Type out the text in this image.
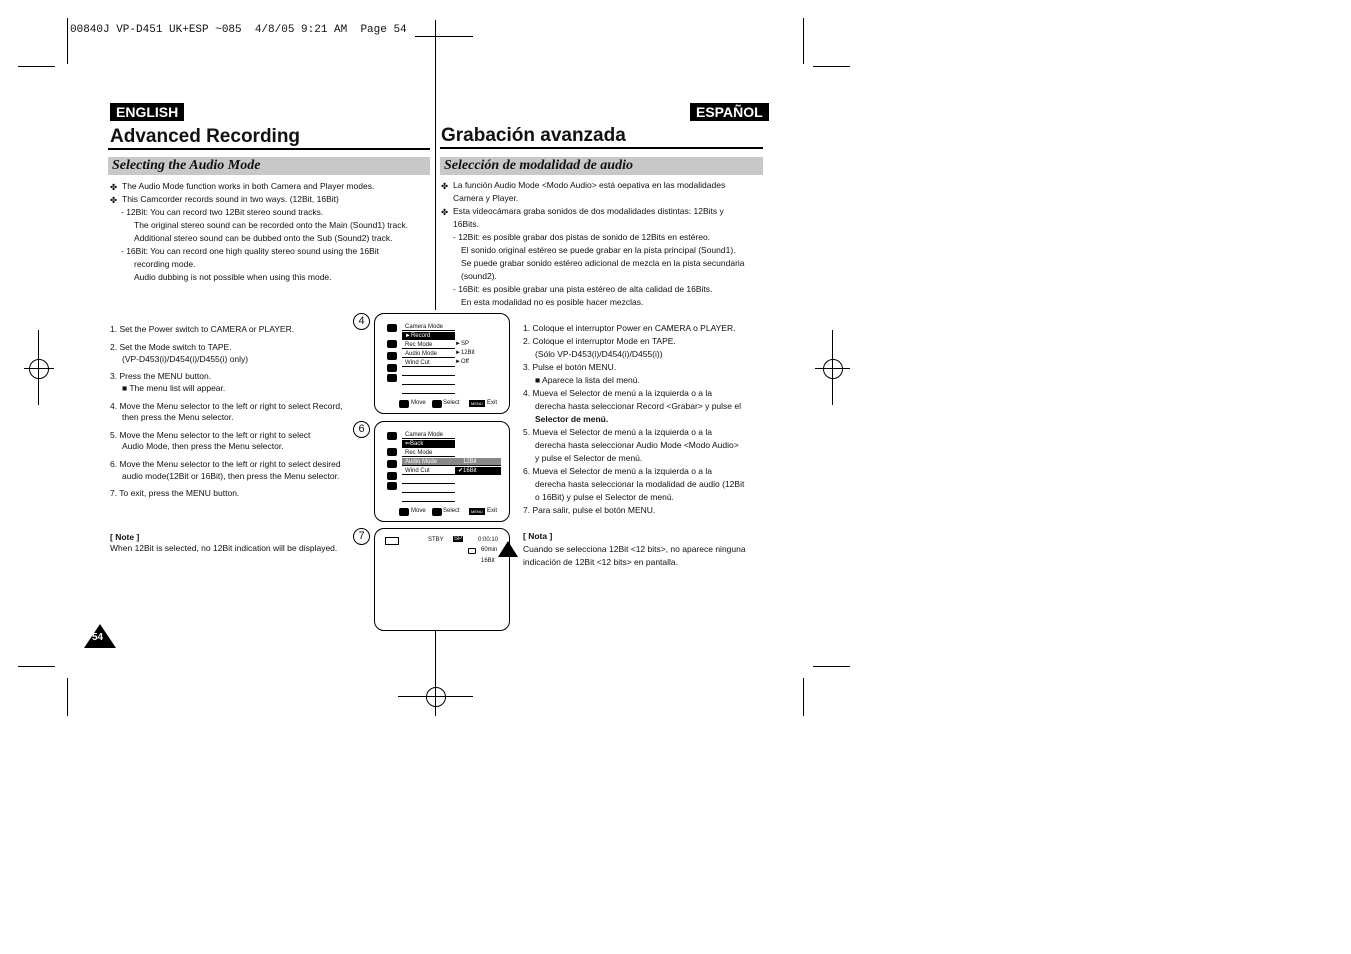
00840J VP-D451 UK+ESP ~085  4/8/05 9:21 AM  Page 54
ENGLISH
Advanced Recording
Selecting the Audio Mode
✤ The Audio Mode function works in both Camera and Player modes.
✤ This Camcorder records sound in two ways. (12Bit, 16Bit)
- 12Bit: You can record two 12Bit stereo sound tracks.
The original stereo sound can be recorded onto the Main (Sound1) track.
Additional stereo sound can be dubbed onto the Sub (Sound2) track.
- 16Bit: You can record one high quality stereo sound using the 16Bit
recording mode.
Audio dubbing is not possible when using this mode.
1. Set the Power switch to CAMERA or PLAYER.
2. Set the Mode switch to TAPE.
(VP-D453(i)/D454(i)/D455(i) only)
3. Press the MENU button.
■ The menu list will appear.
4. Move the Menu selector to the left or right to select Record,
then press the Menu selector.
5. Move the Menu selector to the left or right to select
Audio Mode, then press the Menu selector.
6. Move the Menu selector to the left or right to select desired
audio mode(12Bit or 16Bit), then press the Menu selector.
7. To exit, press the MENU button.
[ Note ]
When 12Bit is selected, no 12Bit indication will be displayed.
54
ESPAÑOL
Grabación avanzada
Selección de modalidad de audio
✤ La función Audio Mode <Modo Audio> está oepativa en las modalidades
Camera y Player.
✤ Esta videocámara graba sonidos de dos modalidades distintas: 12Bits y
16Bits.
- 12Bit: es posible grabar dos pistas de sonido de 12Bits en estéreo.
El sonido original estéreo se puede grabar en la pista principal (Sound1).
Se puede grabar sonido estéreo adicional de mezcla en la pista secundaria
(sound2).
- 16Bit: es posible grabar una pista estéreo de alta calidad de 16Bits.
En esta modalidad no es posible hacer mezclas.
1. Coloque el interruptor Power en CAMERA o PLAYER.
2. Coloque el interruptor Mode en TAPE.
(Sólo VP-D453(i)/D454(i)/D455(i))
3. Pulse el botón MENU.
■ Aparece la lista del menú.
4. Mueva el Selector de menú a la izquierda o a la
derecha hasta seleccionar Record <Grabar> y pulse el
Selector de menú.
5. Mueva el Selector de menú a la izquierda o a la
derecha hasta seleccionar Audio Mode <Modo Audio>
y pulse el Selector de menú.
6. Mueva el Selector de menú a la izquierda o a la
derecha hasta seleccionar la modalidad de audio (12Bit
o 16Bit) y pulse el Selector de menú.
7. Para salir, pulse el botón MENU.
[ Nota ]
Cuando se selecciona 12Bit <12 bits>, no aparece ninguna
indicación de 12Bit <12 bits> en pantalla.
4	Camera Mode
►Record
Rec Mode
Audio Mode
Wind Cut
►SP
►12Bit
►Off
Move	Select	MENU Exit
6	Camera Mode
⇐Back
Rec Mode
Audio Mode
Wind Cut
12Bit
✔16Bit
Move	Select	MENU Exit
7	STBY SP	0:00:10
60min
16Bit
